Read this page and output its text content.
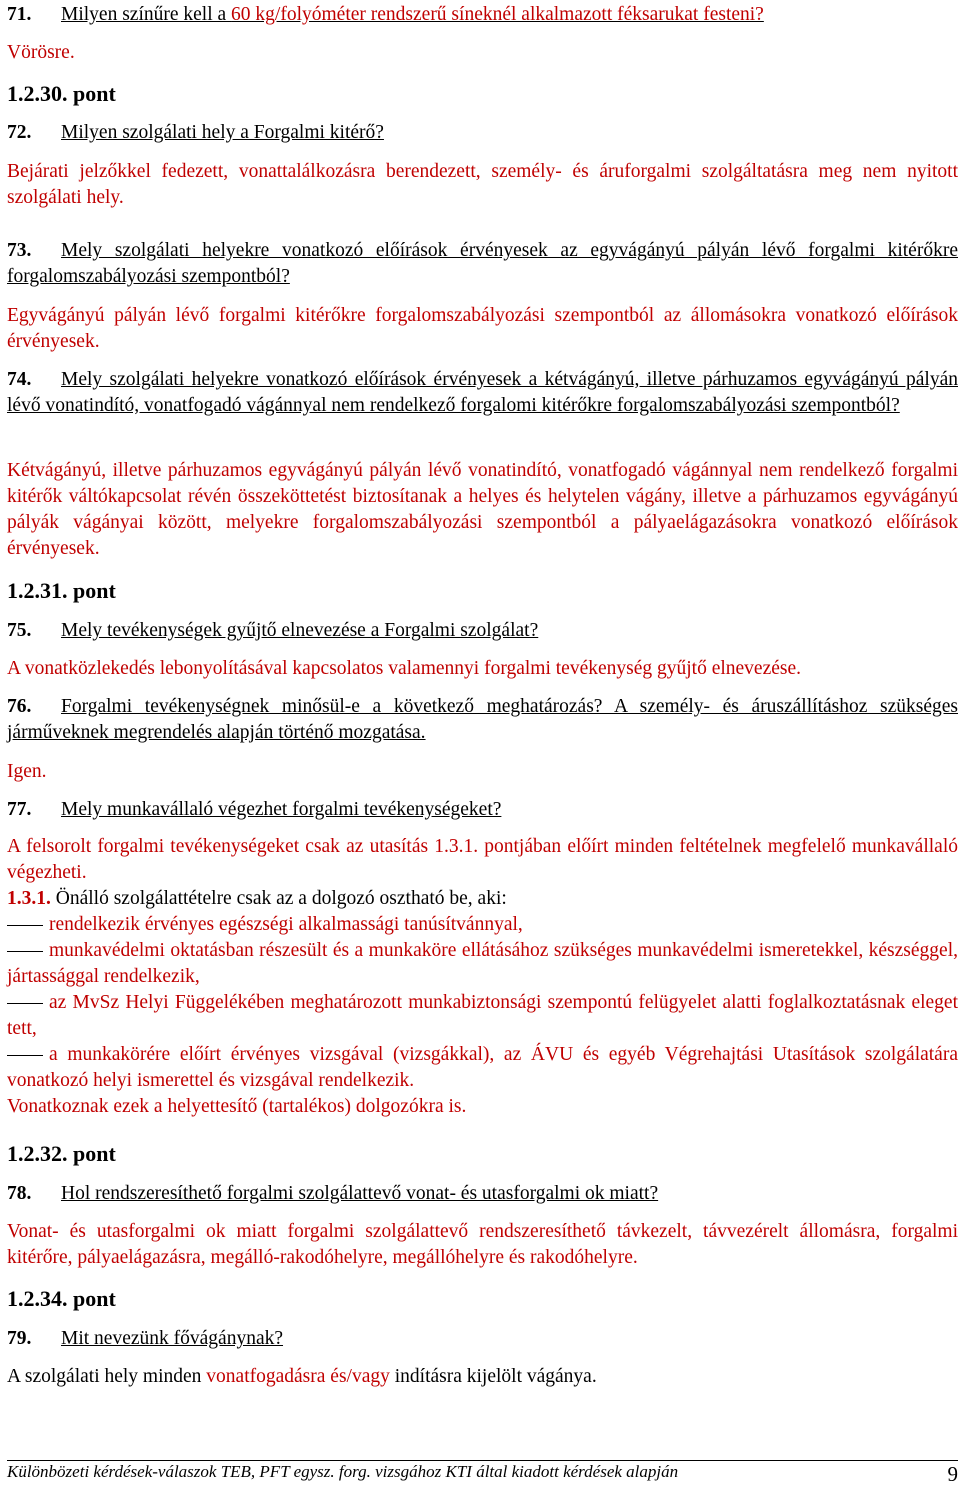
71. Milyen színűre kell a 60 kg/folyóméter rendszerű síneknél alkalmazott féksarukat festeni?

Vörösre.

1.2.30. pont

72. Milyen szolgálati hely a Forgalmi kitérő?

Bejárati jelzőkkel fedezett, vonattalálkozásra berendezett, személy- és áruforgalmi szolgáltatásra meg nem nyitott szolgálati hely.

73. Mely szolgálati helyekre vonatkozó előírások érvényesek az egyvágányú pályán lévő forgalmi kitérőkre forgalomszabályozási szempontból?

Egyvágányú pályán lévő forgalmi kitérőkre forgalomszabályozási szempontból az állomásokra vonatkozó előírások érvényesek.

74. Mely szolgálati helyekre vonatkozó előírások érvényesek a kétvágányú, illetve párhuzamos egyvágányú pályán lévő vonatindító, vonatfogadó vágánnyal nem rendelkező forgalomi kitérőkre forgalomszabályozási szempontból?

Kétvágányú, illetve párhuzamos egyvágányú pályán lévő vonatindító, vonatfogadó vágánnyal nem rendelkező forgalmi kitérők váltókapcsolat révén összeköttetést biztosítanak a helyes és helytelen vágány, illetve a párhuzamos egyvágányú pályák vágányai között, melyekre forgalomszabályozási szempontból a pályaelágazásokra vonatkozó előírások érvényesek.

1.2.31. pont

75. Mely tevékenységek gyűjtő elnevezése a Forgalmi szolgálat?

A vonatközlekedés lebonyolításával kapcsolatos valamennyi forgalmi tevékenység gyűjtő elnevezése.

76. Forgalmi tevékenységnek minősül-e a következő meghatározás? A személy- és áruszállításhoz szükséges járműveknek megrendelés alapján történő mozgatása.

Igen.

77. Mely munkavállaló végezhet forgalmi tevékenységeket?

A felsorolt forgalmi tevékenységeket csak az utasítás 1.3.1. pontjában előírt minden feltételnek megfelelő munkavállaló végezheti.

1.3.1. Önálló szolgálattételre csak az a dolgozó osztható be, aki:

rendelkezik érvényes egészségi alkalmassági tanúsítvánnyal,

munkavédelmi oktatásban részesült és a munkaköre ellátásához szükséges munkavédelmi ismeretekkel, készséggel, jártassággal rendelkezik,

az MvSz Helyi Függelékében meghatározott munkabiztonsági szempontú felügyelet alatti foglalkoztatásnak eleget tett,

a munkakörére előírt érvényes vizsgával (vizsgákkal), az ÁVU és egyéb Végrehajtási Utasítások szolgálatára vonatkozó helyi ismerettel és vizsgával rendelkezik.

Vonatkoznak ezek a helyettesítő (tartalékos) dolgozókra is.

1.2.32. pont

78. Hol rendszeresíthető forgalmi szolgálattevő vonat- és utasforgalmi ok miatt?

Vonat- és utasforgalmi ok miatt forgalmi szolgálattevő rendszeresíthető távkezelt, távvezérelt állomásra, forgalmi kitérőre, pályaelágazásra, megálló-rakodóhelyre, megállóhelyre és rakodóhelyre.

1.2.34. pont

79. Mit nevezünk fővágánynak?

A szolgálati hely minden vonatfogadásra és/vagy indításra kijelölt vágánya.

Különbözeti kérdések-válaszok TEB, PFT egysz. forg. vizsgához KTI által kiadott kérdések alapján	9
